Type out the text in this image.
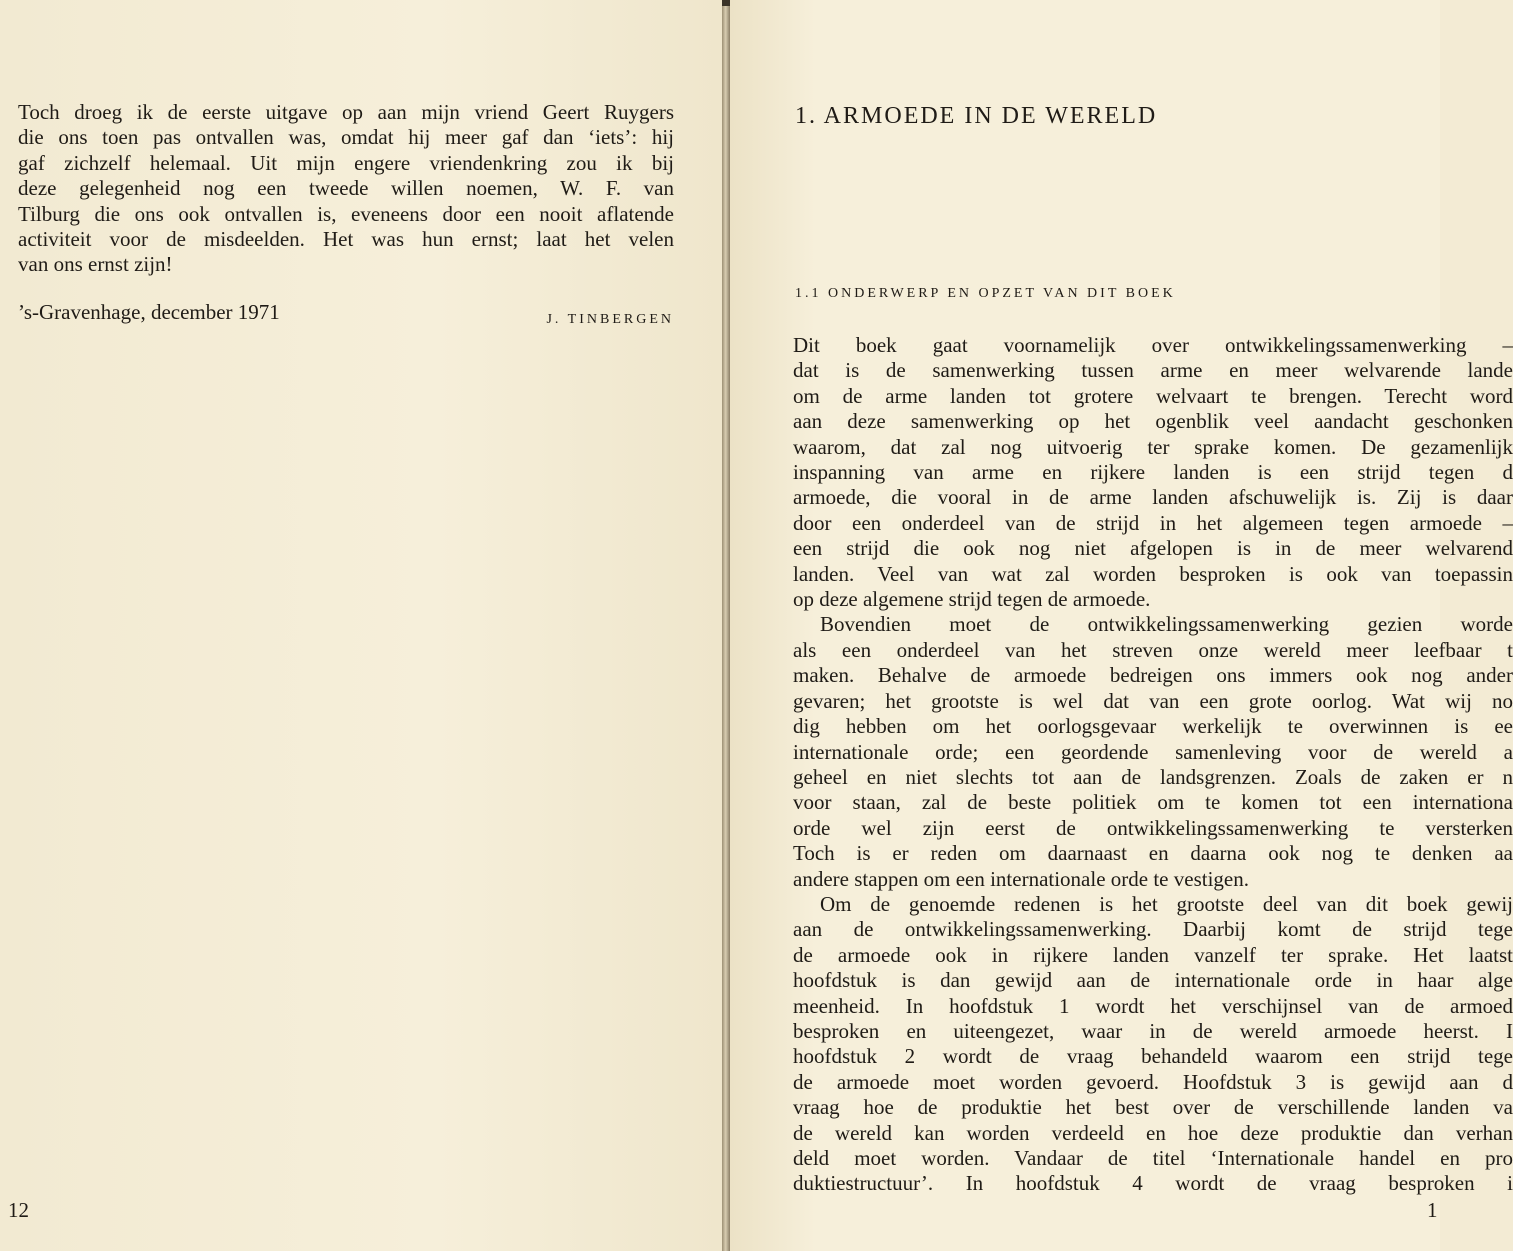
Toch droeg ik de eerste uitgave op aan mijn vriend Geert Ruygers
die ons toen pas ontvallen was, omdat hij meer gaf dan ‘iets’: hij
gaf zichzelf helemaal. Uit mijn engere vriendenkring zou ik bij
deze gelegenheid nog een tweede willen noemen, W. F. van
Tilburg die ons ook ontvallen is, eveneens door een nooit aflatende
activiteit voor de misdeelden. Het was hun ernst; laat het velen
van ons ernst zijn!
’s-Gravenhage, december 1971	J. TINBERGEN
12
1. ARMOEDE IN DE WERELD
1.1 ONDERWERP EN OPZET VAN DIT BOEK
Dit boek gaat voornamelijk over ontwikkelingssamenwerking –
dat is de samenwerking tussen arme en meer welvarende lande
om de arme landen tot grotere welvaart te brengen. Terecht word
aan deze samenwerking op het ogenblik veel aandacht geschonken
waarom, dat zal nog uitvoerig ter sprake komen. De gezamenlijk
inspanning van arme en rijkere landen is een strijd tegen d
armoede, die vooral in de arme landen afschuwelijk is. Zij is daar
door een onderdeel van de strijd in het algemeen tegen armoede –
een strijd die ook nog niet afgelopen is in de meer welvarend
landen. Veel van wat zal worden besproken is ook van toepassin
op deze algemene strijd tegen de armoede.
Bovendien moet de ontwikkelingssamenwerking gezien worde
als een onderdeel van het streven onze wereld meer leefbaar t
maken. Behalve de armoede bedreigen ons immers ook nog ander
gevaren; het grootste is wel dat van een grote oorlog. Wat wij no
dig hebben om het oorlogsgevaar werkelijk te overwinnen is ee
internationale orde; een geordende samenleving voor de wereld a
geheel en niet slechts tot aan de landsgrenzen. Zoals de zaken er n
voor staan, zal de beste politiek om te komen tot een internationa
orde wel zijn eerst de ontwikkelingssamenwerking te versterken
Toch is er reden om daarnaast en daarna ook nog te denken aa
andere stappen om een internationale orde te vestigen.
Om de genoemde redenen is het grootste deel van dit boek gewij
aan de ontwikkelingssamenwerking. Daarbij komt de strijd tege
de armoede ook in rijkere landen vanzelf ter sprake. Het laatst
hoofdstuk is dan gewijd aan de internationale orde in haar alge
meenheid. In hoofdstuk 1 wordt het verschijnsel van de armoed
besproken en uiteengezet, waar in de wereld armoede heerst. I
hoofdstuk 2 wordt de vraag behandeld waarom een strijd tege
de armoede moet worden gevoerd. Hoofdstuk 3 is gewijd aan d
vraag hoe de produktie het best over de verschillende landen va
de wereld kan worden verdeeld en hoe deze produktie dan verhan
deld moet worden. Vandaar de titel ‘Internationale handel en pro
duktiestructuur’. In hoofdstuk 4 wordt de vraag besproken i
1
